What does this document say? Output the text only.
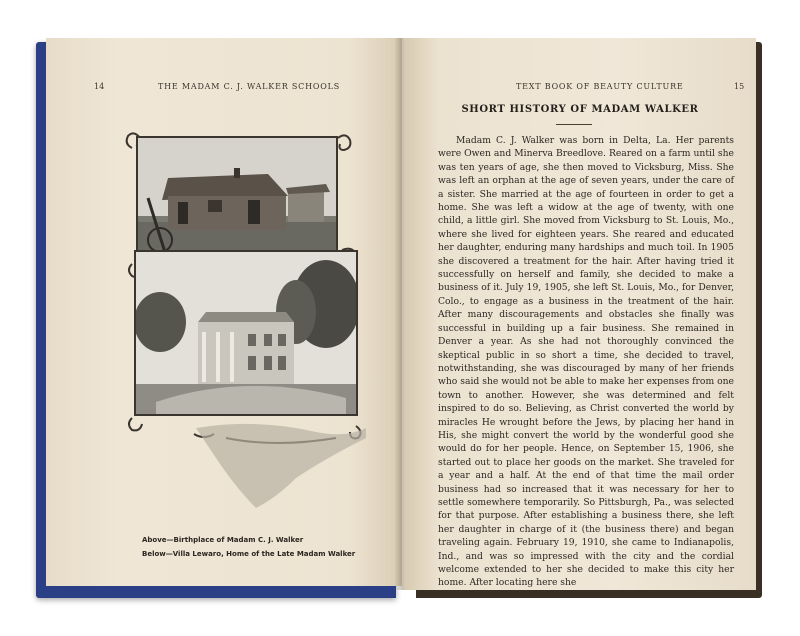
14	THE MADAM C. J. WALKER SCHOOLS
Above—Birthplace of Madam C. J. Walker
Below—Villa Lewaro, Home of the Late Madam Walker
TEXT BOOK OF BEAUTY CULTURE	15
SHORT HISTORY OF MADAM WALKER

Madam C. J. Walker was born in Delta, La. Her parents were Owen and Minerva Breedlove. Reared on a farm until she was ten years of age, she then moved to Vicksburg, Miss. She was left an orphan at the age of seven years, under the care of a sister. She married at the age of fourteen in order to get a home. She was left a widow at the age of twenty, with one child, a little girl. She moved from Vicksburg to St. Louis, Mo., where she lived for eighteen years. She reared and educated her daughter, enduring many hardships and much toil. In 1905 she discovered a treatment for the hair. After having tried it successfully on herself and family, she decided to make a business of it. July 19, 1905, she left St. Louis, Mo., for Denver, Colo., to engage as a business in the treatment of the hair. After many discouragements and obstacles she finally was successful in building up a fair business. She remained in Denver a year. As she had not thoroughly convinced the skeptical public in so short a time, she decided to travel, notwithstanding, she was discouraged by many of her friends who said she would not be able to make her expenses from one town to another. However, she was determined and felt inspired to do so. Believing, as Christ converted the world by miracles He wrought before the Jews, by placing her hand in His, she might convert the world by the wonderful good she would do for her people. Hence, on September 15, 1906, she started out to place her goods on the market. She traveled for a year and a half. At the end of that time the mail order business had so increased that it was necessary for her to settle somewhere temporarily. So Pittsburgh, Pa., was selected for that purpose. After establishing a business there, she left her daughter in charge of it (the business there) and began traveling again. February 19, 1910, she came to Indianapolis, Ind., and was so impressed with the city and the cordial welcome extended to her she decided to make this city her home. After locating here she
